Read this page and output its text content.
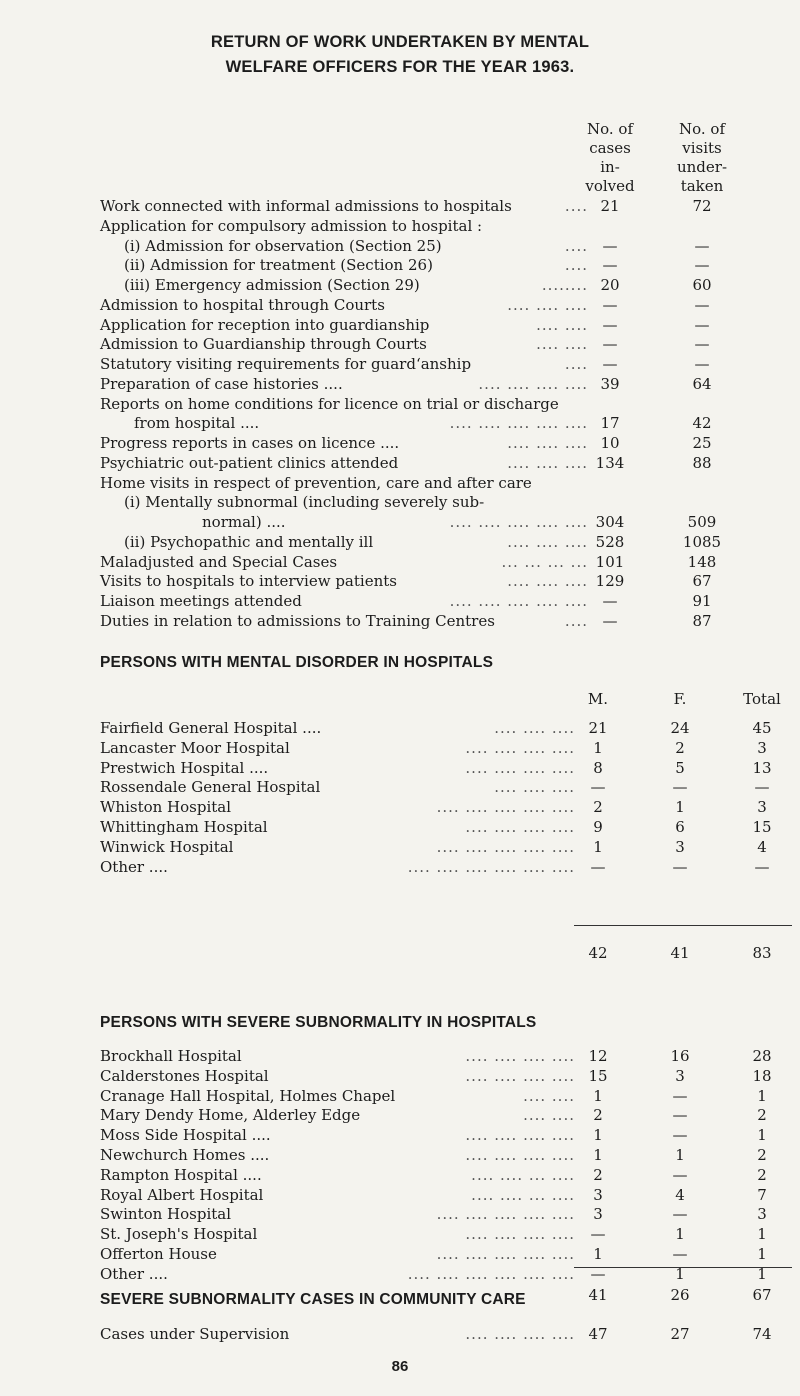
RETURN OF WORK UNDERTAKEN BY MENTAL
WELFARE OFFICERS FOR THE YEAR 1963.
No. of
cases
in-
volved
No. of
visits
under-
taken
Work connected with informal admissions to hospitals	.... 21	72
Application for compulsory admission to hospital :
(i) Admission for observation (Section 25)	.... —	—
(ii) Admission for treatment (Section 26)	.... —	—
(iii) Emergency admission (Section 29)	........ 20	60
Admission to hospital through Courts	.... .... .... —	—
Application for reception into guardianship	.... .... —	—
Admission to Guardianship through Courts	.... .... —	—
Statutory visiting requirements for guard‘anship	.... —	—
Preparation of case histories ....	.... .... .... .... 39	64
Reports on home conditions for licence on trial or discharge
from hospital ....	.... .... .... .... .... 17	42
Progress reports in cases on licence ....	.... .... .... 10	25
Psychiatric out-patient clinics attended	.... .... .... 134	88
Home visits in respect of prevention, care and after care
(i) Mentally subnormal (including severely sub-
normal) ....	.... .... .... .... .... 304	509
(ii) Psychopathic and mentally ill	.... .... .... 528	1085
Maladjusted and Special Cases	... ... ... ... 101	148
Visits to hospitals to interview patients	.... .... .... 129	67
Liaison meetings attended	.... .... .... .... .... —	91
Duties in relation to admissions to Training Centres	.... —	87
PERSONS WITH MENTAL DISORDER IN HOSPITALS
M.	F.	Total
Fairfield General Hospital ....	.... .... .... 21	24	45
Lancaster Moor Hospital	.... .... .... ....	1	2	3
Prestwich Hospital ....	.... .... .... ....	8	5	13
Rossendale General Hospital	.... .... ....	—	—	—
Whiston Hospital	.... .... .... .... ....	2	1	3
Whittingham Hospital	.... .... .... ....	9	6	15
Winwick Hospital	.... .... .... .... ....	1	3	4
Other ....	.... .... .... .... .... ....	—	—	—
42	41	83
PERSONS WITH SEVERE SUBNORMALITY IN HOSPITALS
Brockhall Hospital	.... .... .... .... 12	16	28
Calderstones Hospital	.... .... .... .... 15	3	18
Cranage Hall Hospital, Holmes Chapel	.... ....	1	—	1
Mary Dendy Home, Alderley Edge	.... ....	2	—	2
Moss Side Hospital ....	.... .... .... ....	1	—	1
Newchurch Homes ....	.... .... .... ....	1	1	2
Rampton Hospital ....	.... .... ... ....	2	—	2
Royal Albert Hospital	.... .... ... ....	3	4	7
Swinton Hospital	.... .... .... .... ....	3	—	3
St. Joseph's Hospital	.... .... .... ....	—	1	1
Offerton House	.... .... .... .... ....	1	—	1
Other ....	.... .... .... .... .... ....	—	1	1
41	26	67
SEVERE SUBNORMALITY CASES IN COMMUNITY CARE
Cases under Supervision	.... .... .... .... 47	27	74
86
